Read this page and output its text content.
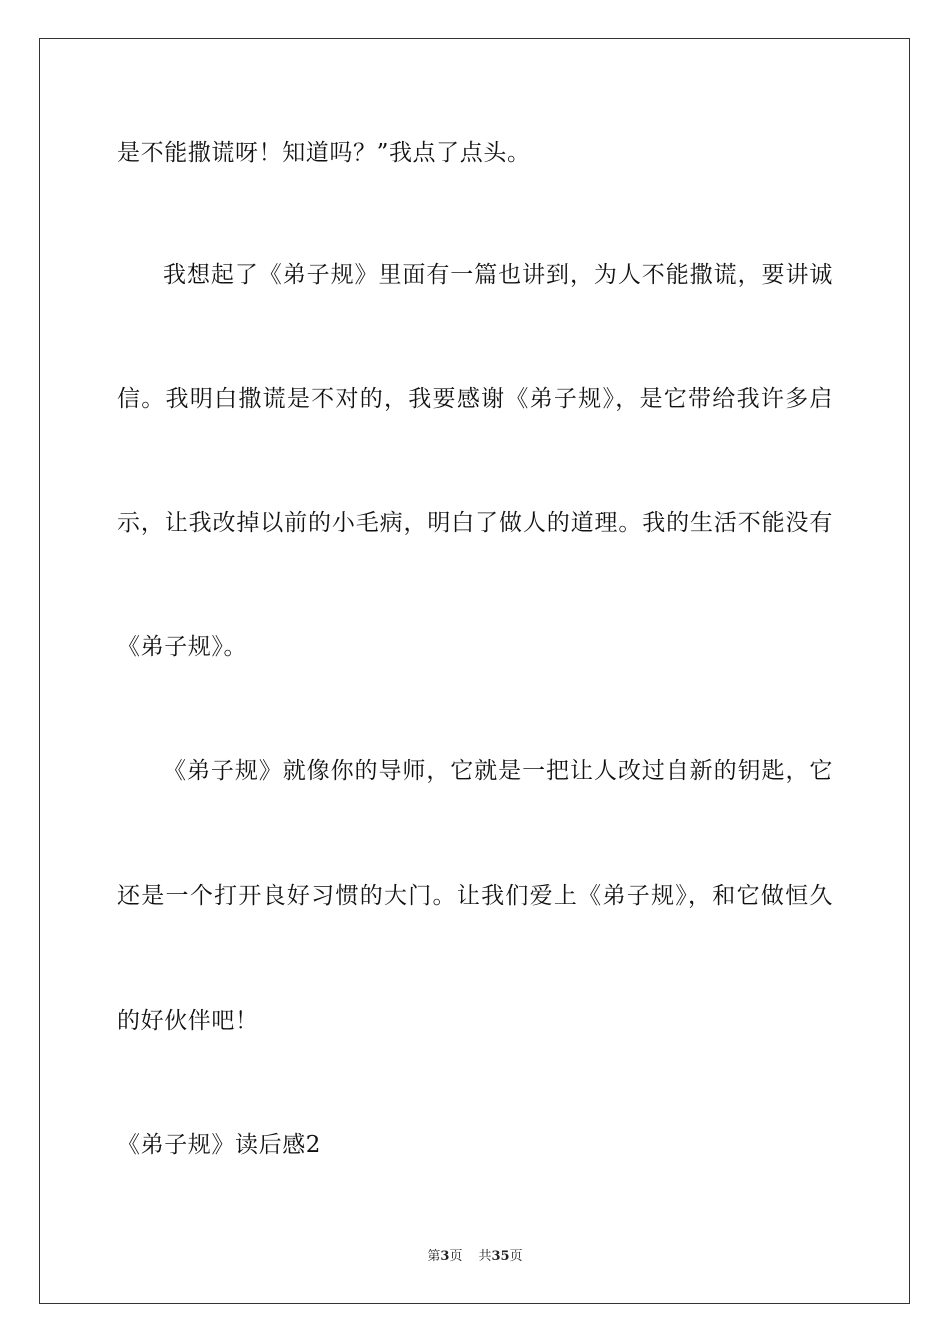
是不能撒谎呀！知道吗？”我点了点头。
我想起了《弟子规》里面有一篇也讲到，为人不能撒谎，要讲诚
信。我明白撒谎是不对的，我要感谢《弟子规》，是它带给我许多启
示，让我改掉以前的小毛病，明白了做人的道理。我的生活不能没有
《弟子规》。
《弟子规》就像你的导师，它就是一把让人改过自新的钥匙，它
还是一个打开良好习惯的大门。让我们爱上《弟子规》，和它做恒久
的好伙伴吧！
《弟子规》读后感2
第3页 共35页
